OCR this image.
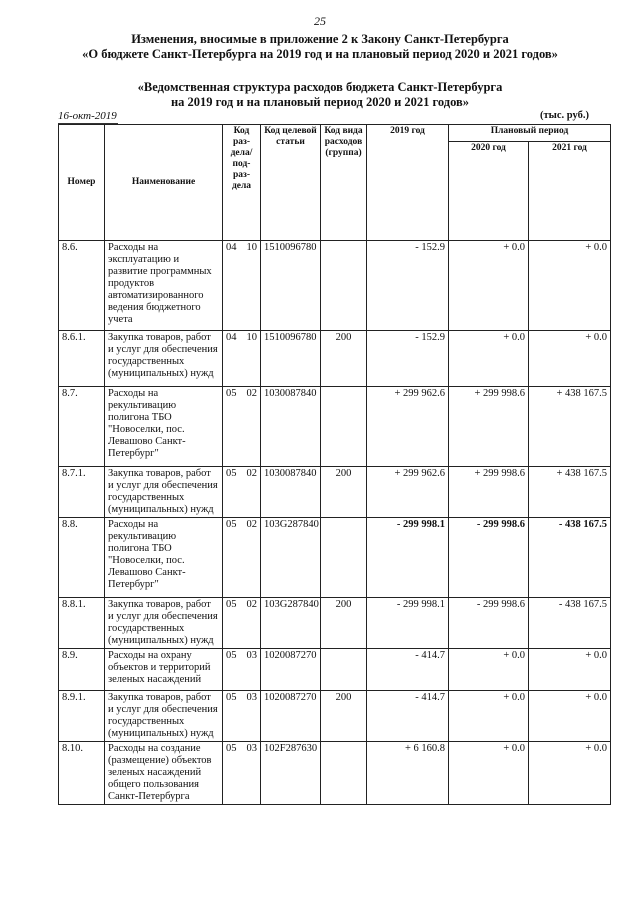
25
Изменения, вносимые в приложение 2 к Закону Санкт-Петербурга
«О бюджете Санкт-Петербурга на 2019 год и на плановый период 2020 и 2021 годов»
«Ведомственная структура расходов бюджета Санкт-Петербурга
на 2019 год и на плановый период 2020 и 2021 годов»
16-окт-2019	(тыс. руб.)
Номер	Наименование	Код раз-дела/ под-раз-дела	Код целевой статьи	Код вида расходов (группа)	2019 год	Плановый период	
						2020 год	2021 год
8.6.	Расходы на эксплуатацию и развитие программных продуктов автоматизированного ведения бюджетного учета	04 10	1510096780		- 152.9	+ 0.0	+ 0.0
8.6.1.	Закупка товаров, работ и услуг для обеспечения государственных (муниципальных) нужд	04 10	1510096780	200	- 152.9	+ 0.0	+ 0.0
8.7.	Расходы на рекультивацию полигона ТБО "Новоселки, пос. Левашово Санкт-Петербург"	05 02	1030087840		+ 299 962.6	+ 299 998.6	+ 438 167.5
8.7.1.	Закупка товаров, работ и услуг для обеспечения государственных (муниципальных) нужд	05 02	1030087840	200	+ 299 962.6	+ 299 998.6	+ 438 167.5
8.8.	Расходы на рекультивацию полигона ТБО "Новоселки, пос. Левашово Санкт-Петербург"	05 02	103G287840		- 299 998.1	- 299 998.6	- 438 167.5
8.8.1.	Закупка товаров, работ и услуг для обеспечения государственных (муниципальных) нужд	05 02	103G287840	200	- 299 998.1	- 299 998.6	- 438 167.5
8.9.	Расходы на охрану объектов и территорий зеленых насаждений	05 03	1020087270		- 414.7	+ 0.0	+ 0.0
8.9.1.	Закупка товаров, работ и услуг для обеспечения государственных (муниципальных) нужд	05 03	1020087270	200	- 414.7	+ 0.0	+ 0.0
8.10.	Расходы на создание (размещение) объектов зеленых насаждений общего пользования Санкт-Петербурга	05 03	102F287630		+ 6 160.8	+ 0.0	+ 0.0
